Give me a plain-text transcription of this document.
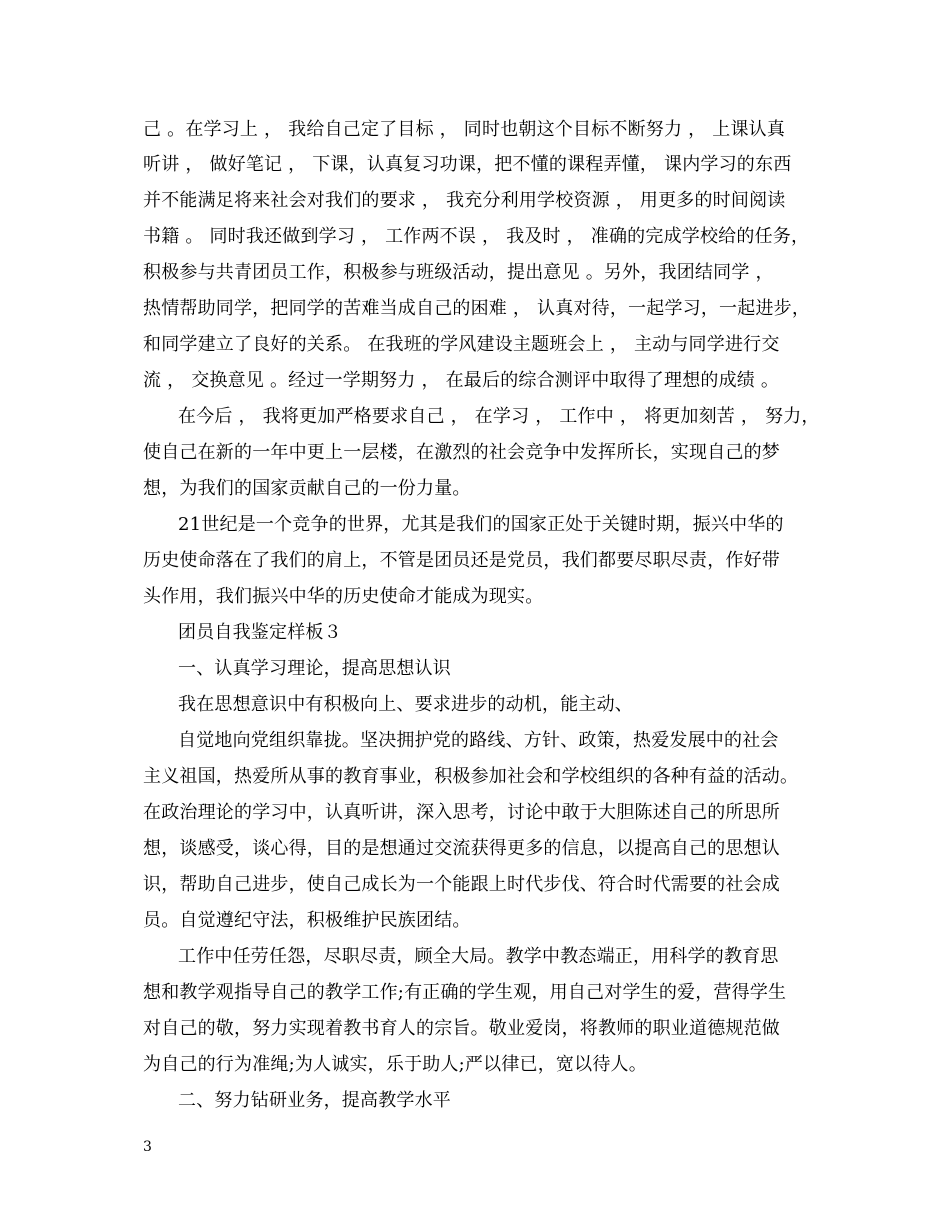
己 。在学习上 ， 我给自己定了目标 ， 同时也朝这个目标不断努力 ， 上课认真
听讲 ， 做好笔记 ， 下课，认真复习功课，把不懂的课程弄懂， 课内学习的东西
并不能满足将来社会对我们的要求 ， 我充分利用学校资源 ， 用更多的时间阅读
书籍 。 同时我还做到学习 ， 工作两不误 ， 我及时 ， 准确的完成学校给的任务，
积极参与共青团员工作，积极参与班级活动，提出意见 。另外，我团结同学 ，
热情帮助同学，把同学的苦难当成自己的困难 ， 认真对待，一起学习，一起进步，
和同学建立了良好的关系。 在我班的学风建设主题班会上 ， 主动与同学进行交
流 ， 交换意见 。经过一学期努力 ， 在最后的综合测评中取得了理想的成绩 。
在今后 ， 我将更加严格要求自己 ， 在学习 ， 工作中 ， 将更加刻苦 ， 努力，
使自己在新的一年中更上一层楼，在激烈的社会竞争中发挥所长，实现自己的梦
想，为我们的国家贡献自己的一份力量。
21世纪是一个竞争的世界，尤其是我们的国家正处于关键时期，振兴中华的
历史使命落在了我们的肩上，不管是团员还是党员，我们都要尽职尽责，作好带
头作用，我们振兴中华的历史使命才能成为现实。
团员自我鉴定样板３
一、认真学习理论，提高思想认识
我在思想意识中有积极向上、要求进步的动机，能主动、
自觉地向党组织靠拢。坚决拥护党的路线、方针、政策，热爱发展中的社会
主义祖国，热爱所从事的教育事业，积极参加社会和学校组织的各种有益的活动。
在政治理论的学习中，认真听讲，深入思考，讨论中敢于大胆陈述自己的所思所
想，谈感受，谈心得，目的是想通过交流获得更多的信息，以提高自己的思想认
识，帮助自己进步，使自己成长为一个能跟上时代步伐、符合时代需要的社会成
员。自觉遵纪守法，积极维护民族团结。
工作中任劳任怨，尽职尽责，顾全大局。教学中教态端正，用科学的教育思
想和教学观指导自己的教学工作;有正确的学生观，用自己对学生的爱，营得学生
对自己的敬，努力实现着教书育人的宗旨。敬业爱岗，将教师的职业道德规范做
为自己的行为准绳;为人诚实，乐于助人;严以律已，宽以待人。
二、努力钻研业务，提高教学水平
3
